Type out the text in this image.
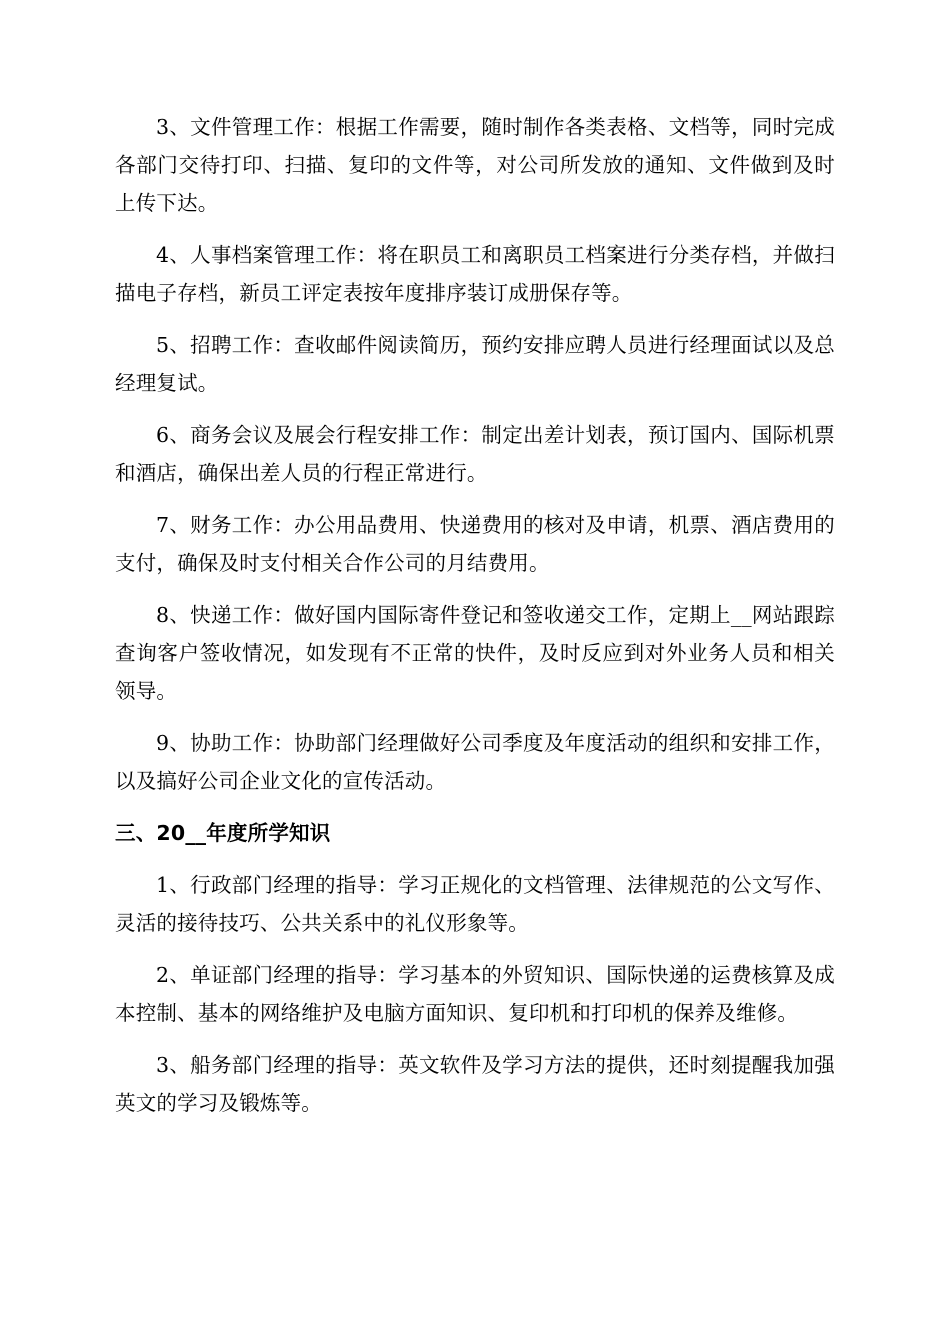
3、文件管理工作：根据工作需要，随时制作各类表格、文档等，同时完成各部门交待打印、扫描、复印的文件等，对公司所发放的通知、文件做到及时上传下达。

4、人事档案管理工作：将在职员工和离职员工档案进行分类存档，并做扫描电子存档，新员工评定表按年度排序装订成册保存等。

5、招聘工作：查收邮件阅读简历，预约安排应聘人员进行经理面试以及总经理复试。

6、商务会议及展会行程安排工作：制定出差计划表，预订国内、国际机票和酒店，确保出差人员的行程正常进行。

7、财务工作：办公用品费用、快递费用的核对及申请，机票、酒店费用的支付，确保及时支付相关合作公司的月结费用。

8、快递工作：做好国内国际寄件登记和签收递交工作，定期上__网站跟踪查询客户签收情况，如发现有不正常的快件，及时反应到对外业务人员和相关领导。

9、协助工作：协助部门经理做好公司季度及年度活动的组织和安排工作，以及搞好公司企业文化的宣传活动。

三、20__年度所学知识

1、行政部门经理的指导：学习正规化的文档管理、法律规范的公文写作、灵活的接待技巧、公共关系中的礼仪形象等。

2、单证部门经理的指导：学习基本的外贸知识、国际快递的运费核算及成本控制、基本的网络维护及电脑方面知识、复印机和打印机的保养及维修。

3、船务部门经理的指导：英文软件及学习方法的提供，还时刻提醒我加强英文的学习及锻炼等。
